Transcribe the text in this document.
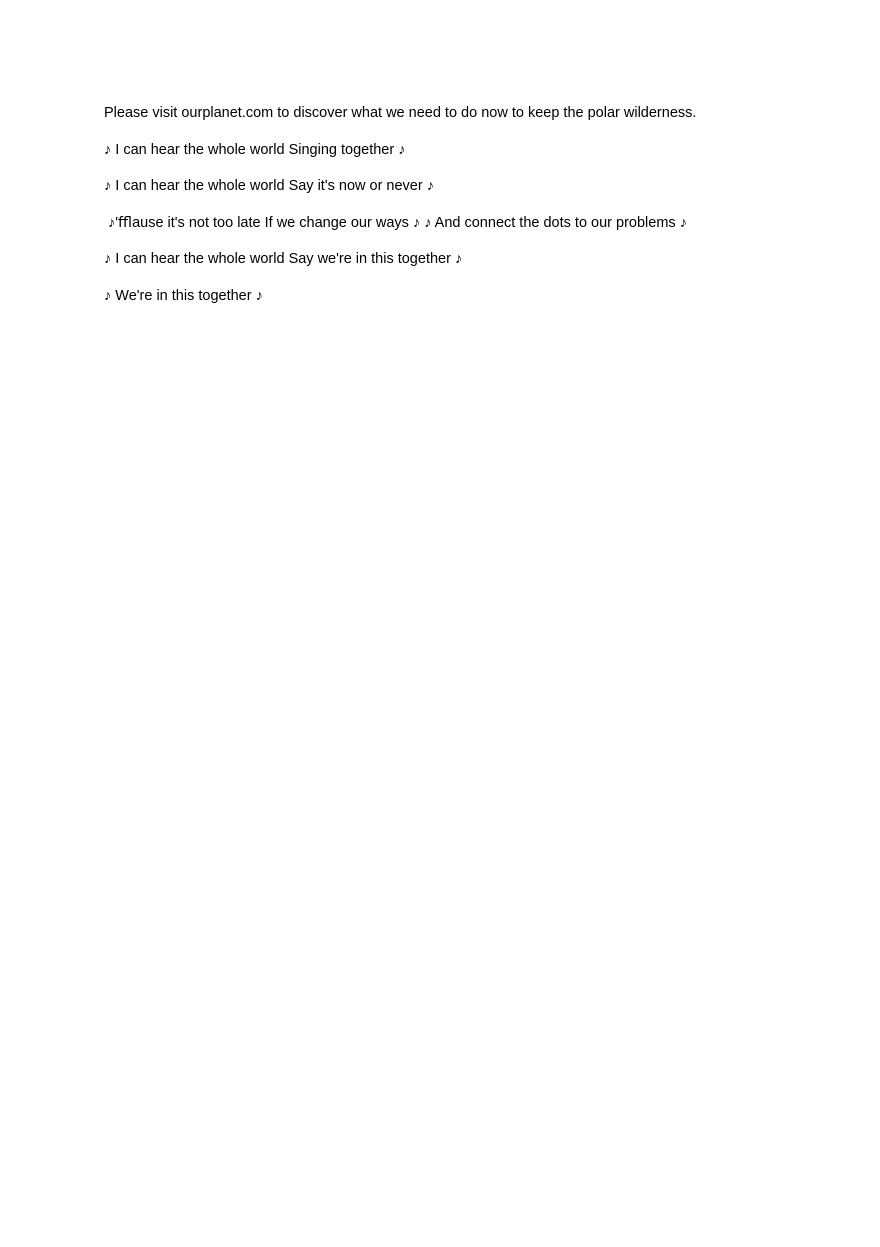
Please visit ourplanet.com to discover what we need to do now to keep the polar wilderness.

♪ I can hear the whole world Singing together ♪

♪ I can hear the whole world Say it's now or never ♪

♪'ﬄause it's not too late If we change our ways ♪ ♪ And connect the dots to our problems ♪

♪ I can hear the whole world Say we're in this together ♪

♪ We're in this together ♪
